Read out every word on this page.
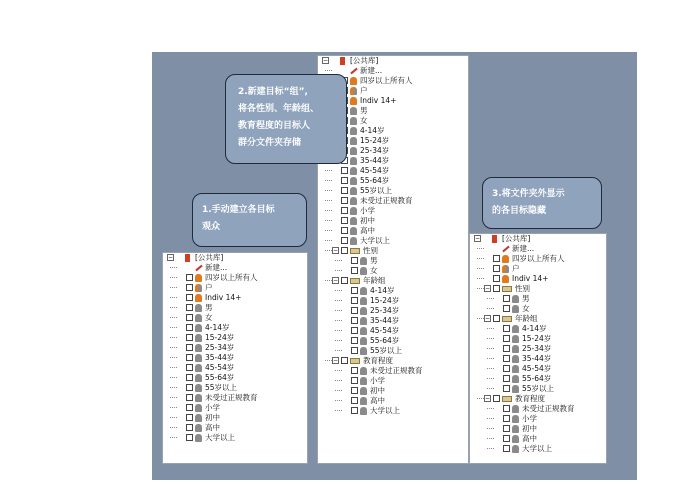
−	[公共库]
新建...
四岁以上所有人
户
Indiv 14+
男
女
4-14岁
15-24岁
25-34岁
35-44岁
45-54岁
55-64岁
55岁以上
未受过正规教育
小学
初中
高中
大学以上
−	[公共库]
新建...
四岁以上所有人
户
Indiv 14+
男
女
4-14岁
15-24岁
25-34岁
35-44岁
45-54岁
55-64岁
55岁以上
未受过正规教育
小学
初中
高中
大学以上
−	性别
男
女
−	年龄组
4-14岁
15-24岁
25-34岁
35-44岁
45-54岁
55-64岁
55岁以上
−	教育程度
未受过正规教育
小学
初中
高中
大学以上
−	[公共库]
新建...
四岁以上所有人
户
Indiv 14+
−	性别
男
女
−	年龄组
4-14岁
15-24岁
25-34岁
35-44岁
45-54岁
55-64岁
55岁以上
−	教育程度
未受过正规教育
小学
初中
高中
大学以上
1.手动建立各目标
观众
2.新建目标“组”,
将各性别、年龄组、
教育程度的目标人
群分文件夹存储
3.将文件夹外显示
的各目标隐藏
